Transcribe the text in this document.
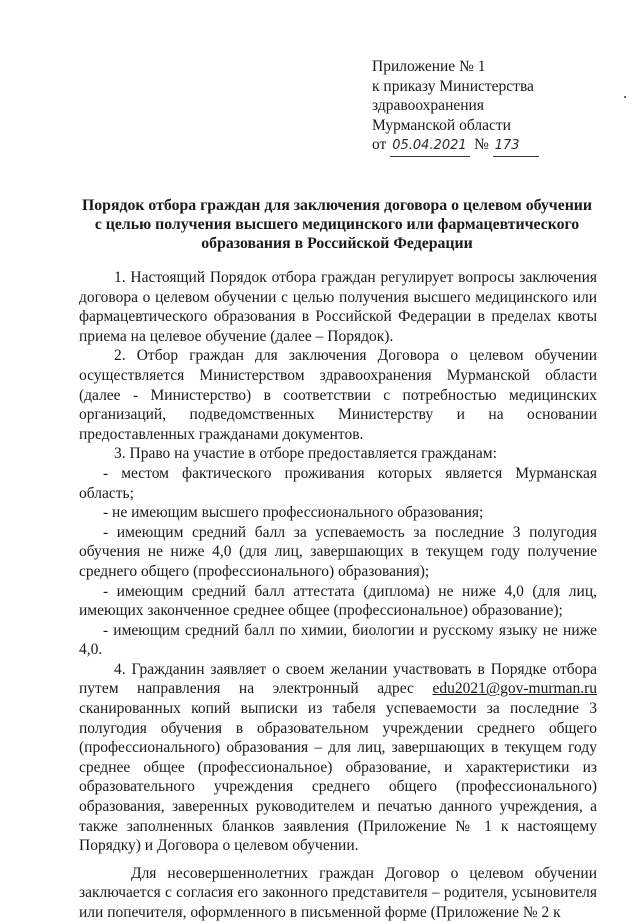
Приложение № 1
к приказу Министерства
здравоохранения
Мурманской области
от 05.04.2021 № 173
Порядок отбора граждан для заключения договора о целевом обучении с целью получения высшего медицинского или фармацевтического образования в Российской Федерации

1. Настоящий Порядок отбора граждан регулирует вопросы заключения договора о целевом обучении с целью получения высшего медицинского или фармацевтического образования в Российской Федерации в пределах квоты приема на целевое обучение (далее – Порядок).

2. Отбор граждан для заключения Договора о целевом обучении осуществляется Министерством здравоохранения Мурманской области (далее - Министерство) в соответствии с потребностью медицинских организаций, подведомственных Министерству и на основании предоставленных гражданами документов.

3. Право на участие в отборе предоставляется гражданам:

- местом фактического проживания которых является Мурманская область;

- не имеющим высшего профессионального образования;

- имеющим средний балл за успеваемость за последние 3 полугодия обучения не ниже 4,0 (для лиц, завершающих в текущем году получение среднего общего (профессионального) образования);

- имеющим средний балл аттестата (диплома) не ниже 4,0 (для лиц, имеющих законченное среднее общее (профессиональное) образование);

- имеющим средний балл по химии, биологии и русскому языку не ниже 4,0.

4. Гражданин заявляет о своем желании участвовать в Порядке отбора путем направления на электронный адрес edu2021@gov-murman.ru сканированных копий выписки из табеля успеваемости за последние 3 полугодия обучения в образовательном учреждении среднего общего (профессионального) образования – для лиц, завершающих в текущем году среднее общее (профессиональное) образование, и характеристики из образовательного учреждения среднего общего (профессионального) образования, заверенных руководителем и печатью данного учреждения, а также заполненных бланков заявления (Приложение № 1 к настоящему Порядку) и Договора о целевом обучении.

Для несовершеннолетних граждан Договор о целевом обучении заключается с согласия его законного представителя – родителя, усыновителя или попечителя, оформленного в письменной форме (Приложение № 2 к
